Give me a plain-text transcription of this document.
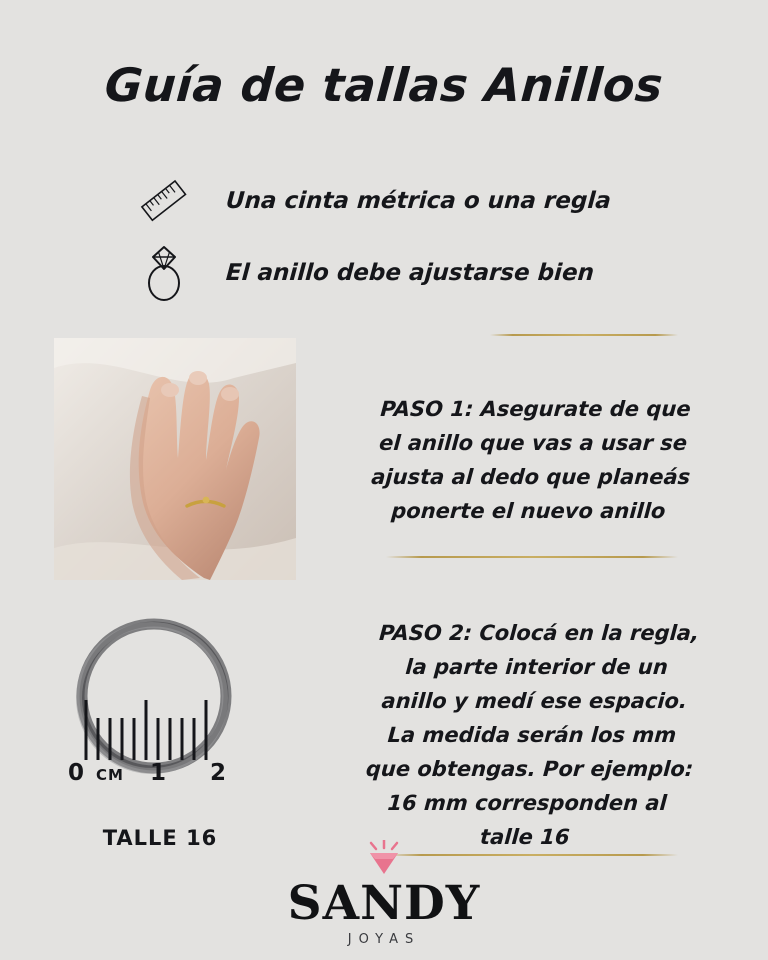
Guía de tallas Anillos
Una cinta métrica o una regla
El anillo debe ajustarse bien
PASO 1: Asegurate de que el anillo que vas a usar se ajusta al dedo que planeás ponerte el nuevo anillo
PASO 2: Colocá en la regla, la parte interior de un anillo y medí ese espacio. La medida serán los mm que obtengas. Por ejemplo: 16 mm corresponden al talle 16
0 CM 1 2
TALLE 16
SANDY
JOYAS
